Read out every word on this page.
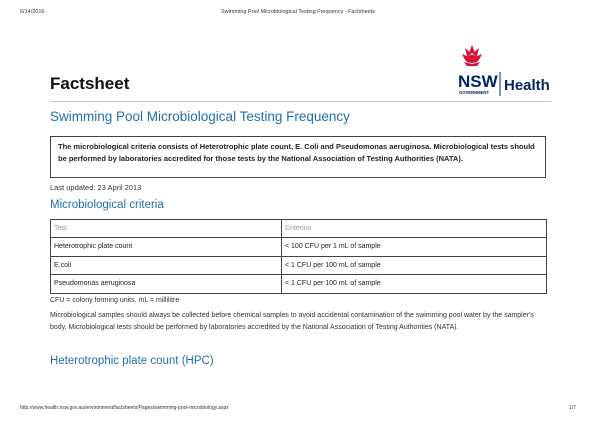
6/14/2016	Swimming Pool Microbiological Testing Frequency - Factsheets
NSW
GOVERNMENT Health
Factsheet
Swimming Pool Microbiological Testing Frequency
The microbiological criteria consists of Heterotrophic plate count, E. Coli and Pseudomonas aeruginosa. Microbiological tests should be performed by laboratories accredited for those tests by the National Association of Testing Authorities (NATA).
Last updated: 23 April 2013
Microbiological criteria
Test	Criterion
Heterotrophic plate count	< 100 CFU per 1 mL of sample
E.coli	< 1 CFU per 100 mL of sample
Pseudomonas aeruginosa	< 1 CFU per 100 mL of sample
CFU = colony forming units. mL = millilitre

Microbiological samples should always be collected before chemical samples to avoid accidental contamination of the swimming pool water by the sampler's body. Microbiological tests should be performed by laboratories accredited by the National Association of Testing Authorities (NATA).

Heterotrophic plate count (HPC)
http://www.health.nsw.gov.au/environment/factsheets/Pages/swimming-pool-microbiology.aspx	1/7
